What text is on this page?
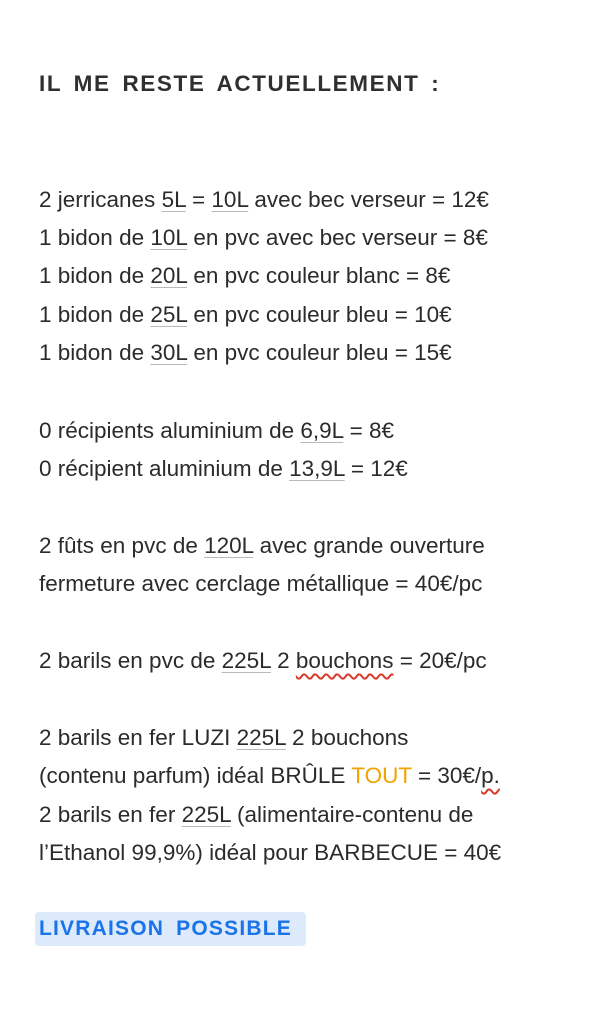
IL ME RESTE ACTUELLEMENT :
2 jerricanes 5L = 10L avec bec verseur = 12€
1 bidon de 10L en pvc avec bec verseur = 8€
1 bidon de 20L en pvc couleur blanc = 8€
1 bidon de 25L en pvc couleur bleu = 10€
1 bidon de 30L en pvc couleur bleu = 15€
0 récipients aluminium de 6,9L = 8€
0 récipient aluminium de 13,9L = 12€
2 fûts en pvc de 120L avec grande ouverture
fermeture avec cerclage métallique = 40€/pc
2 barils en pvc de 225L 2 bouchons = 20€/pc
2 barils en fer LUZI 225L 2 bouchons
(contenu parfum) idéal BRÛLE TOUT = 30€/p.
2 barils en fer 225L (alimentaire-contenu de
l’Ethanol 99,9%) idéal pour BARBECUE = 40€
LIVRAISON POSSIBLE
